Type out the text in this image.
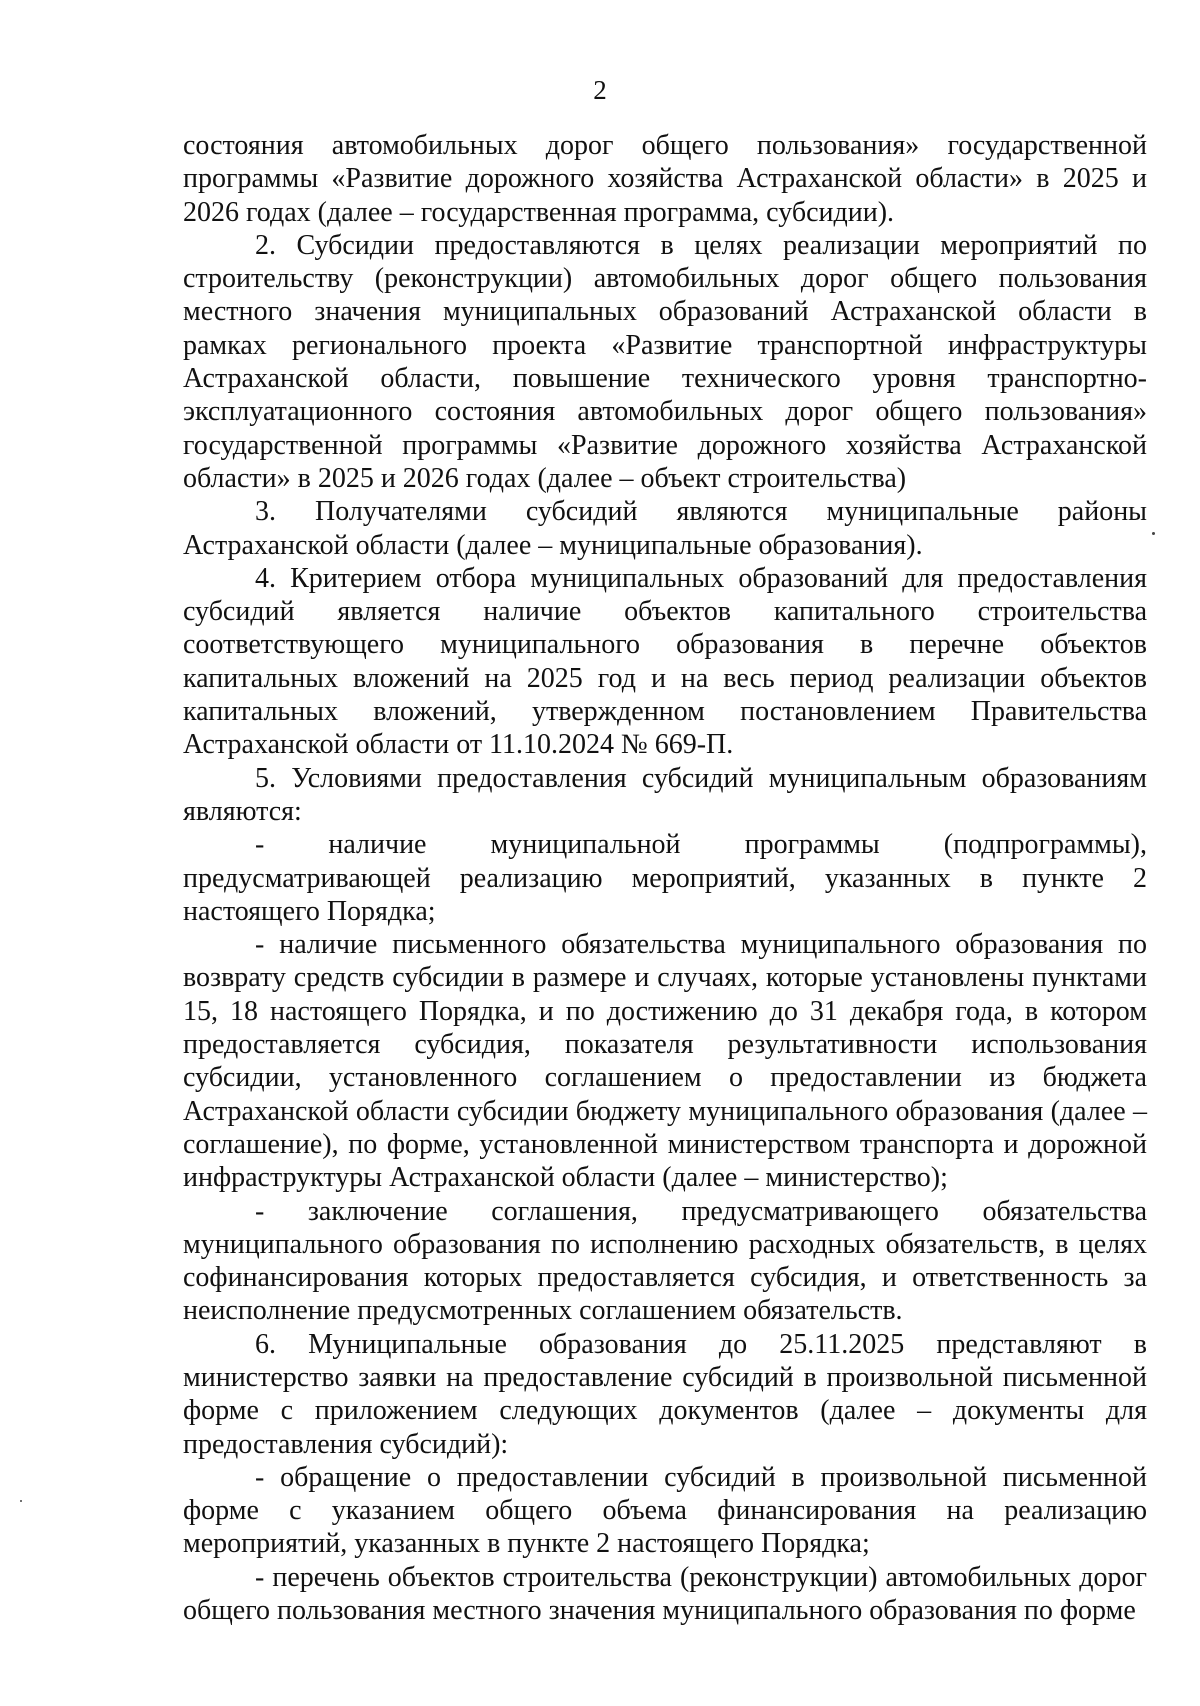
2

состояния автомобильных дорог общего пользования» государственной программы «Развитие дорожного хозяйства Астраханской области» в 2025 и 2026 годах (далее – государственная программа, субсидии).

2. Субсидии предоставляются в целях реализации мероприятий по строительству (реконструкции) автомобильных дорог общего пользования местного значения муниципальных образований Астраханской области в рамках регионального проекта «Развитие транспортной инфраструктуры Астраханской области, повышение технического уровня транспортно-эксплуатационного состояния автомобильных дорог общего пользования» государственной программы «Развитие дорожного хозяйства Астраханской области» в 2025 и 2026 годах (далее – объект строительства)

3. Получателями субсидий являются муниципальные районы Астраханской области (далее – муниципальные образования).

4. Критерием отбора муниципальных образований для предоставления субсидий является наличие объектов капитального строительства соответствующего муниципального образования в перечне объектов капитальных вложений на 2025 год и на весь период реализации объектов капитальных вложений, утвержденном постановлением Правительства Астраханской области от 11.10.2024 № 669-П.

5. Условиями предоставления субсидий муниципальным образованиям являются:

- наличие муниципальной программы (подпрограммы), предусматривающей реализацию мероприятий, указанных в пункте 2 настоящего Порядка;

- наличие письменного обязательства муниципального образования по возврату средств субсидии в размере и случаях, которые установлены пунктами 15, 18 настоящего Порядка, и по достижению до 31 декабря года, в котором предоставляется субсидия, показателя результативности использования субсидии, установленного соглашением о предоставлении из бюджета Астраханской области субсидии бюджету муниципального образования (далее – соглашение), по форме, установленной министерством транспорта и дорожной инфраструктуры Астраханской области (далее – министерство);

- заключение соглашения, предусматривающего обязательства муниципального образования по исполнению расходных обязательств, в целях софинансирования которых предоставляется субсидия, и ответственность за неисполнение предусмотренных соглашением обязательств.

6. Муниципальные образования до 25.11.2025 представляют в министерство заявки на предоставление субсидий в произвольной письменной форме с приложением следующих документов (далее – документы для предоставления субсидий):

- обращение о предоставлении субсидий в произвольной письменной форме с указанием общего объема финансирования на реализацию мероприятий, указанных в пункте 2 настоящего Порядка;

- перечень объектов строительства (реконструкции) автомобильных дорог общего пользования местного значения муниципального образования по форме
